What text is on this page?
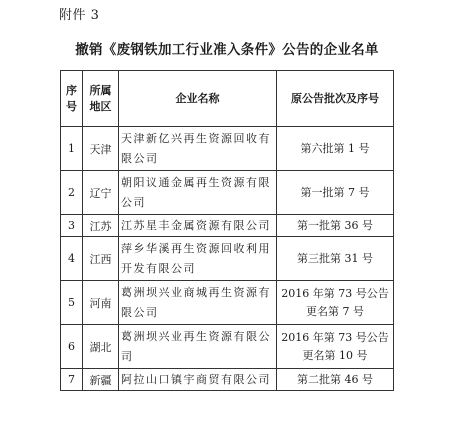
附件 3
撤销《废钢铁加工行业准入条件》公告的企业名单
序号	所属地区	企业名称	原公告批次及序号
1	天津	天津新亿兴再生资源回收有限公司	第六批第 1 号
2	辽宁	朝阳议通金属再生资源有限公司	第一批第 7 号
3	江苏	江苏星丰金属资源有限公司	第一批第 36 号
4	江西	萍乡华溪再生资源回收利用开发有限公司	第三批第 31 号
5	河南	葛洲坝兴业商城再生资源有限公司	2016 年第 73 号公告更名第 7 号
6	湖北	葛洲坝兴业再生资源有限公司	2016 年第 73 号公告更名第 10 号
7	新疆	阿拉山口镇宇商贸有限公司	第二批第 46 号
